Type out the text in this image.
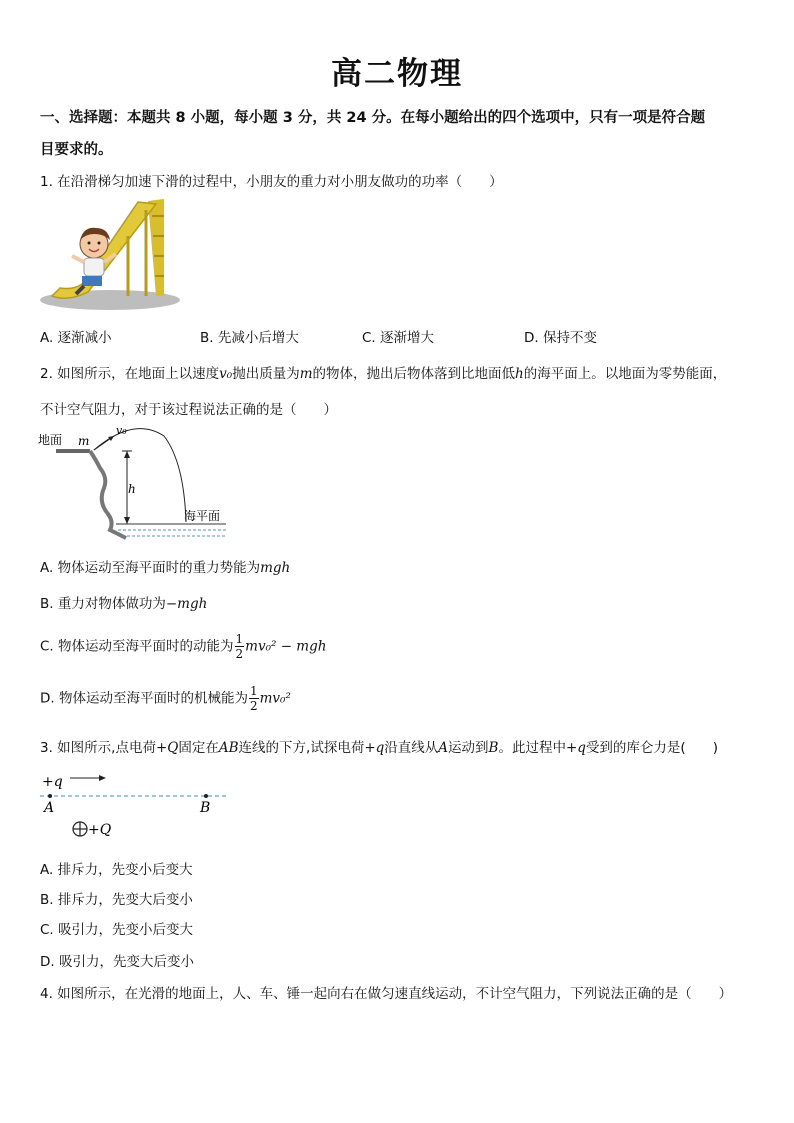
高二物理
一、选择题：本题共 8 小题，每小题 3 分，共 24 分。在每小题给出的四个选项中，只有一项是符合题
目要求的。
1. 在沿滑梯匀加速下滑的过程中，小朋友的重力对小朋友做功的功率（　　）
A. 逐渐减小	B. 先减小后增大	C. 逐渐增大	D. 保持不变
2. 如图所示，在地面上以速度v₀抛出质量为m的物体，抛出后物体落到比地面低h的海平面上。以地面为零势能面，
不计空气阻力，对于该过程说法正确的是（　　）
地面 m
v₀
h
海平面
A. 物体运动至海平面时的重力势能为mgh
B. 重力对物体做功为−mgh
C. 物体运动至海平面时的动能为 $\frac{1}{2} mv_0^2$ − mgh
D. 物体运动至海平面时的机械能为 $\frac{1}{2} mv_0^2$
3. 如图所示,点电荷+Q固定在AB连线的下方,试探电荷+q沿直线从A运动到B。此过程中+q受到的库仑力是(　　)
+q
A	B
+Q
A. 排斥力，先变小后变大
B. 排斥力，先变大后变小
C. 吸引力，先变小后变大
D. 吸引力，先变大后变小
4. 如图所示，在光滑的地面上，人、车、锤一起向右在做匀速直线运动，不计空气阻力，下列说法正确的是（　　）
